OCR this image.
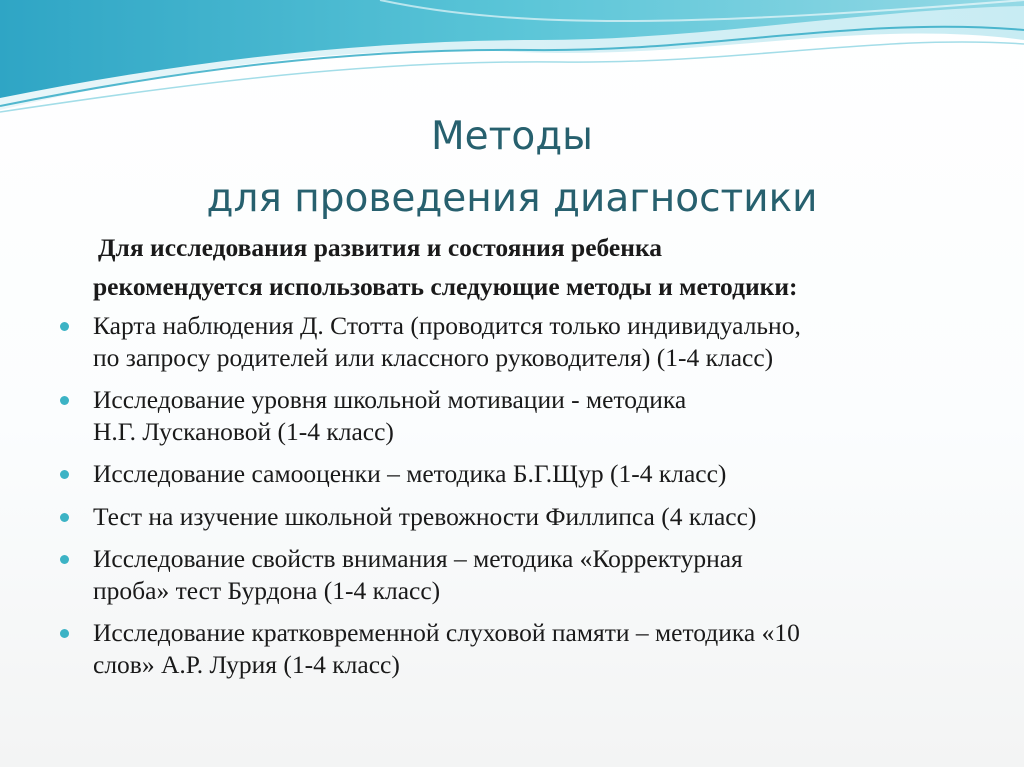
Методы
для проведения диагностики

Для исследования развития и состояния ребенка
рекомендуется использовать следующие методы и методики:

Карта наблюдения Д. Стотта (проводится только индивидуально,
по запросу родителей или классного руководителя) (1-4 класс)
Исследование уровня школьной мотивации - методика
Н.Г. Лускановой (1-4 класс)
Исследование самооценки – методика Б.Г.Щур (1-4 класс)
Тест на изучение школьной тревожности Филлипса (4 класс)
Исследование свойств внимания – методика «Корректурная
проба» тест Бурдона (1-4 класс)
Исследование кратковременной слуховой памяти – методика «10
слов» А.Р. Лурия (1-4 класс)
